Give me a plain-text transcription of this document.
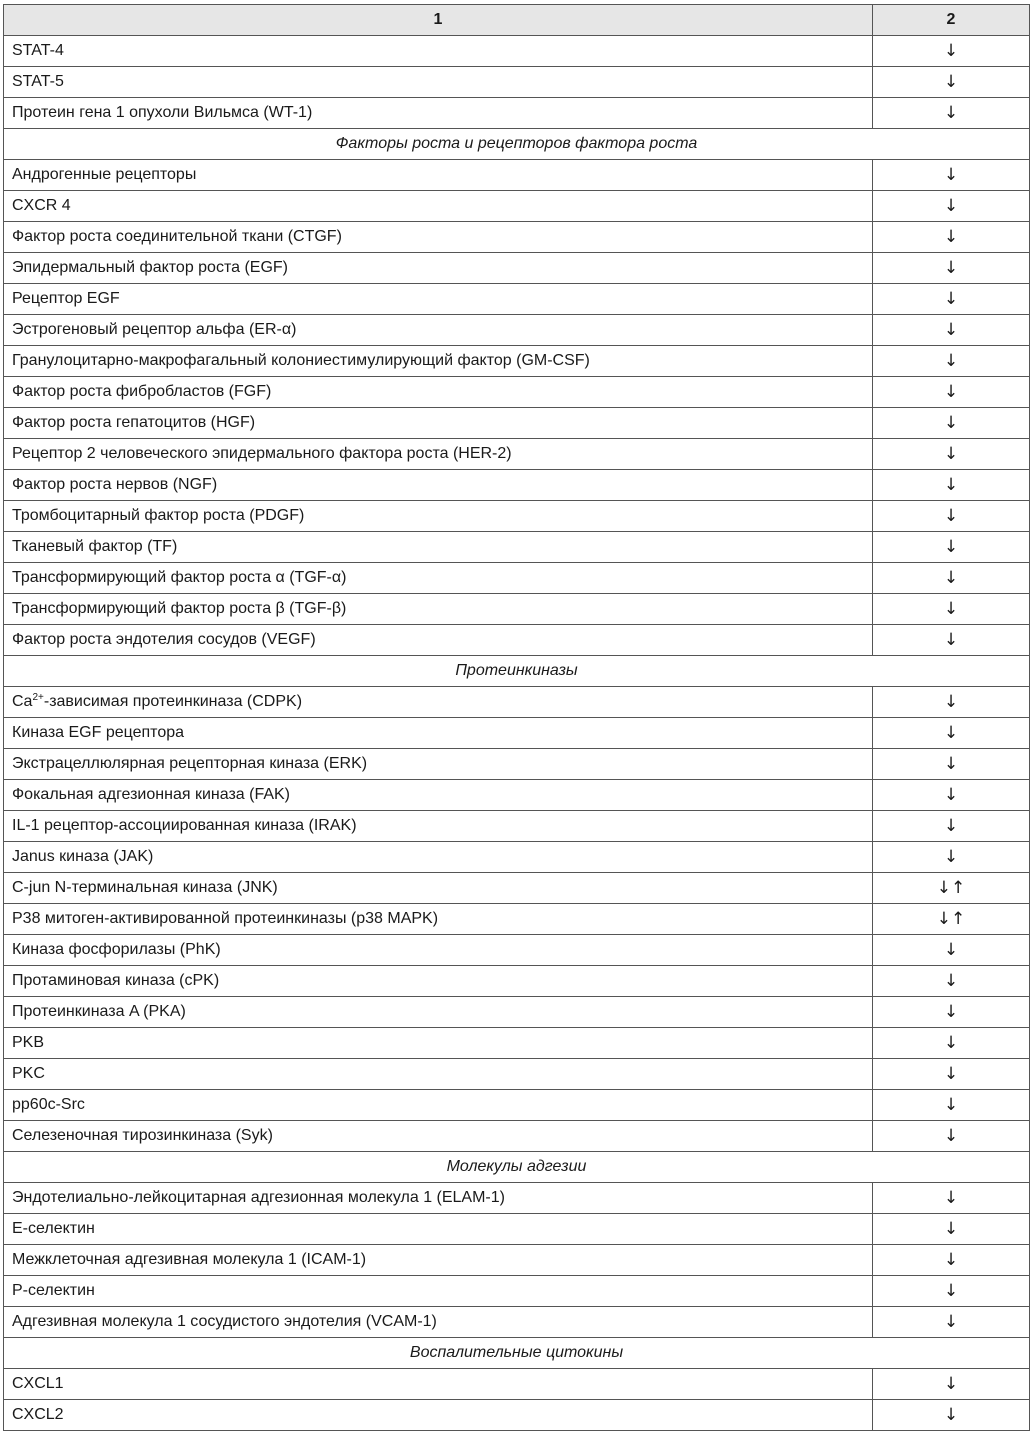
1	2
STAT-4	↓
STAT-5	↓
Протеин гена 1 опухоли Вильмса (WT-1)	↓
Факторы роста и рецепторов фактора роста	
Андрогенные рецепторы	↓
CXCR 4	↓
Фактор роста соединительной ткани (CTGF)	↓
Эпидермальный фактор роста (EGF)	↓
Рецептор EGF	↓
Эстрогеновый рецептор альфа (ER-α)	↓
Гранулоцитарно-макрофагальный колониестимулирующий фактор (GM-CSF)	↓
Фактор роста фибробластов (FGF)	↓
Фактор роста гепатоцитов (HGF)	↓
Рецептор 2 человеческого эпидермального фактора роста (HER-2)	↓
Фактор роста нервов (NGF)	↓
Тромбоцитарный фактор роста (PDGF)	↓
Тканевый фактор (TF)	↓
Трансформирующий фактор роста α (TGF-α)	↓
Трансформирующий фактор роста β (TGF-β)	↓
Фактор роста эндотелия сосудов (VEGF)	↓
Протеинкиназы	
$Ca^{2+}$-зависимая протеинкиназа (CDPK)	↓
Киназа EGF рецептора	↓
Экстрацеллюлярная рецепторная киназа (ERK)	↓
Фокальная адгезионная киназа (FAK)	↓
IL-1 рецептор-ассоциированная киназа (IRAK)	↓
Janus киназа (JAK)	↓
C-jun N-терминальная киназа (JNK)	↓↑
P38 митоген-активированной протеинкиназы (p38 MAPK)	↓↑
Киназа фосфорилазы (PhK)	↓
Протаминовая киназа (cPK)	↓
Протеинкиназа A (PKA)	↓
PKB	↓
PKC	↓
pp60c-Src	↓
Селезеночная тирозинкиназа (Syk)	↓
Молекулы адгезии	
Эндотелиально-лейкоцитарная адгезионная молекула 1 (ELAM-1)	↓
E-селектин	↓
Межклеточная адгезивная молекула 1 (ICAM-1)	↓
P-селектин	↓
Адгезивная молекула 1 сосудистого эндотелия (VCAM-1)	↓
Воспалительные цитокины	
CXCL1	↓
CXCL2	↓
